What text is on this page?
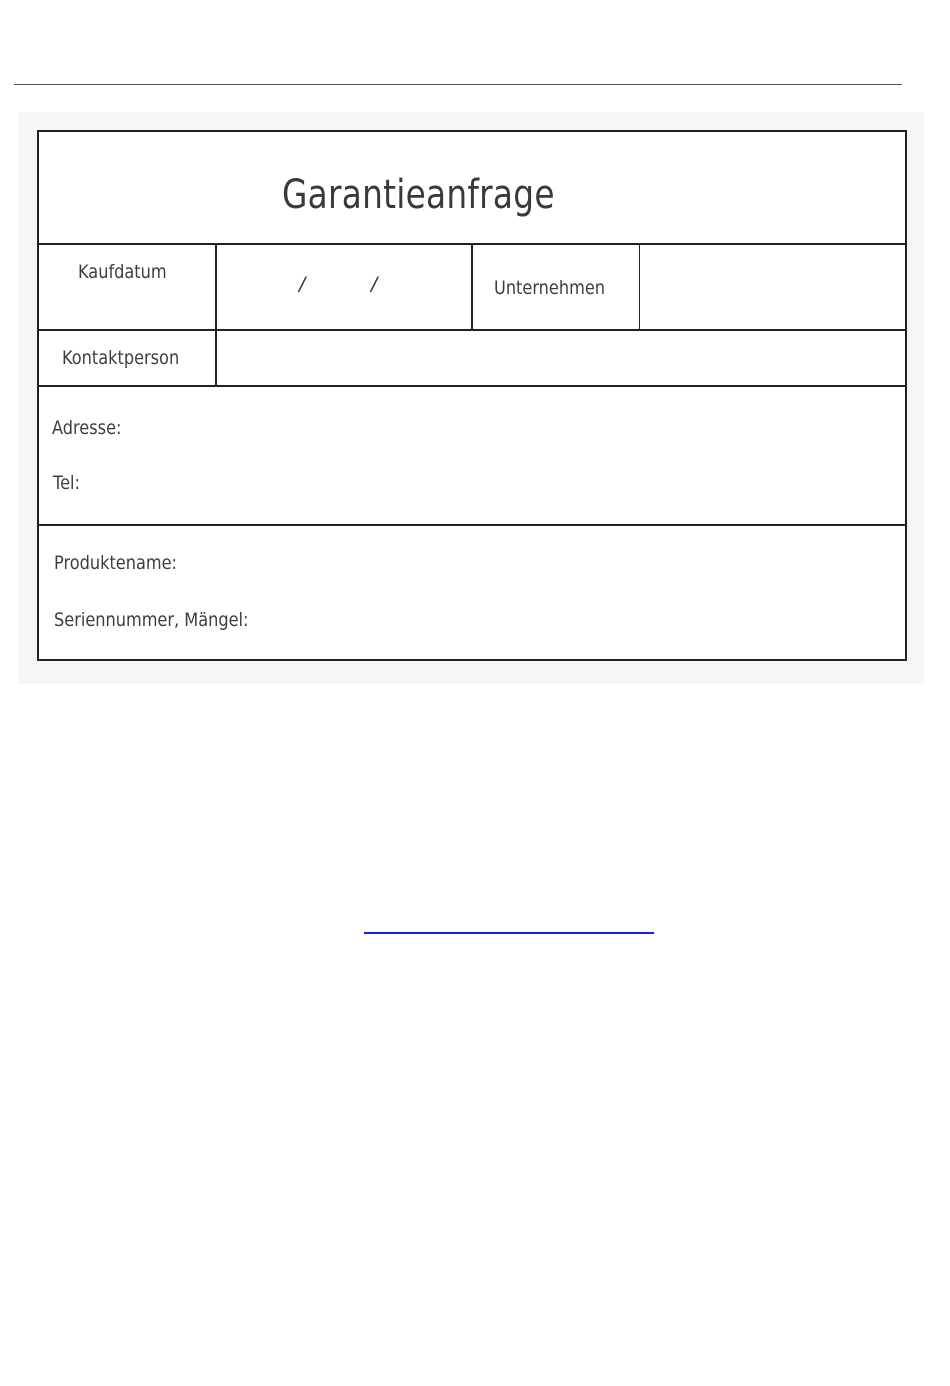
Garantieanfrage
Kaufdatum
/	/	Unternehmen
Kontaktperson
Adresse:
Tel:
Produktename:
Seriennummer, Mängel:
